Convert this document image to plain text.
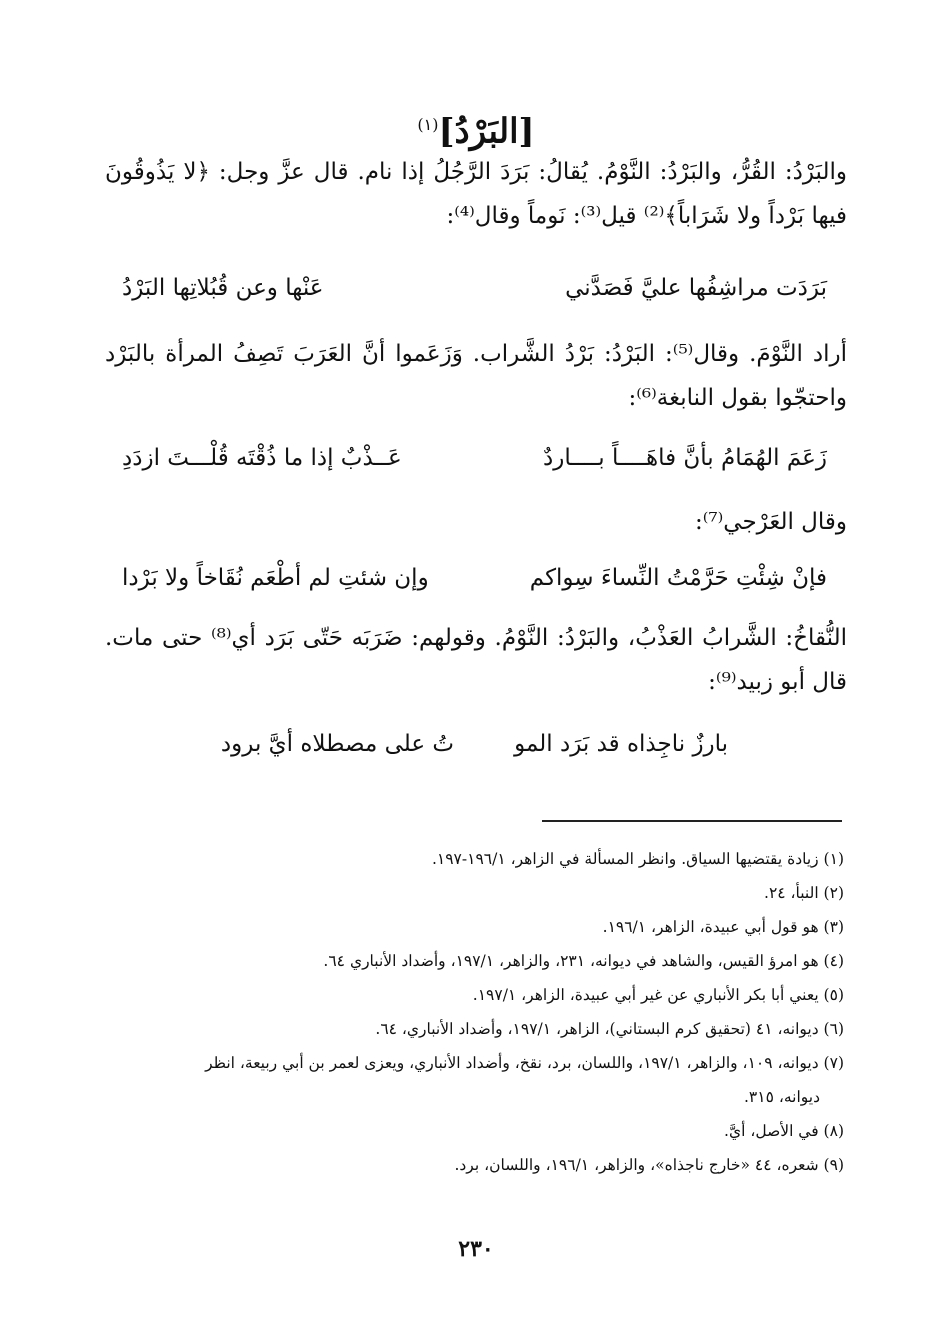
[البَرْدُ]$^{(١)}$

والبَرْدُ: القُرُّ، والبَرْدُ: النَّوْمُ. يُقالُ: بَرَدَ الرَّجُلُ إذا نام. قال عزَّ وجل: ﴿لا يَذُوقُونَ فيها بَرْداً ولا شَرَاباً﴾⁽²⁾ قيل⁽³⁾: نَوماً وقال⁽⁴⁾:

بَرَدَت مراشِفُها عليَّ فَصَدَّني
عَنْها وعن قُبُلاتِها البَرْدُ

أراد النَّوْمَ. وقال⁽⁵⁾: البَرْدُ: بَرْدُ الشَّراب. وَزَعَموا أنَّ العَرَبَ تَصِفُ المرأة بالبَرْد واحتجّوا بقول النابغة⁽⁶⁾:

زَعَمَ الهُمَامُ بأنَّ فاهَــــاً بــــاردٌ
عَــذْبٌ إذا ما ذُقْتَه قُلْـــتَ ازدَدِ

وقال العَرْجي⁽⁷⁾:

فإنْ شِئْتِ حَرَّمْتُ النِّساءَ سِواكم
وإن شئتِ لم أطْعَم نُقَاخاً ولا بَرْدا

النُّقاخُ: الشَّرابُ العَذْبُ، والبَرْدُ: النَّوْمُ. وقولهم: ضَرَبَه حَتّى بَرَد أي⁽⁸⁾ حتى مات. قال أبو زبيد⁽⁹⁾:

بارزٌ ناجِذاه قد بَرَد المو
تُ على مصطلاه أيَّ برود
(١) زيادة يقتضيها السياق. وانظر المسألة في الزاهر، ١٩٦/١-١٩٧.
(٢) النبأ، ٢٤.
(٣) هو قول أبي عبيدة، الزاهر، ١٩٦/١.
(٤) هو امرؤ القيس، والشاهد في ديوانه، ٢٣١، والزاهر، ١٩٧/١، وأضداد الأنباري ٦٤.
(٥) يعني أبا بكر الأنباري عن غير أبي عبيدة، الزاهر، ١٩٧/١.
(٦) ديوانه، ٤١ (تحقيق كرم البستاني)، الزاهر، ١٩٧/١، وأضداد الأنباري، ٦٤.
(٧) ديوانه، ١٠٩، والزاهر، ١٩٧/١، واللسان، برد، نقخ، وأضداد الأنباري، ويعزى لعمر بن أبي ربيعة، انظر
ديوانه، ٣١٥.
(٨) في الأصل، أيَّ.
(٩) شعره، ٤٤ «خارج ناجذاه»، والزاهر، ١٩٦/١، واللسان، برد.
٢٣٠
